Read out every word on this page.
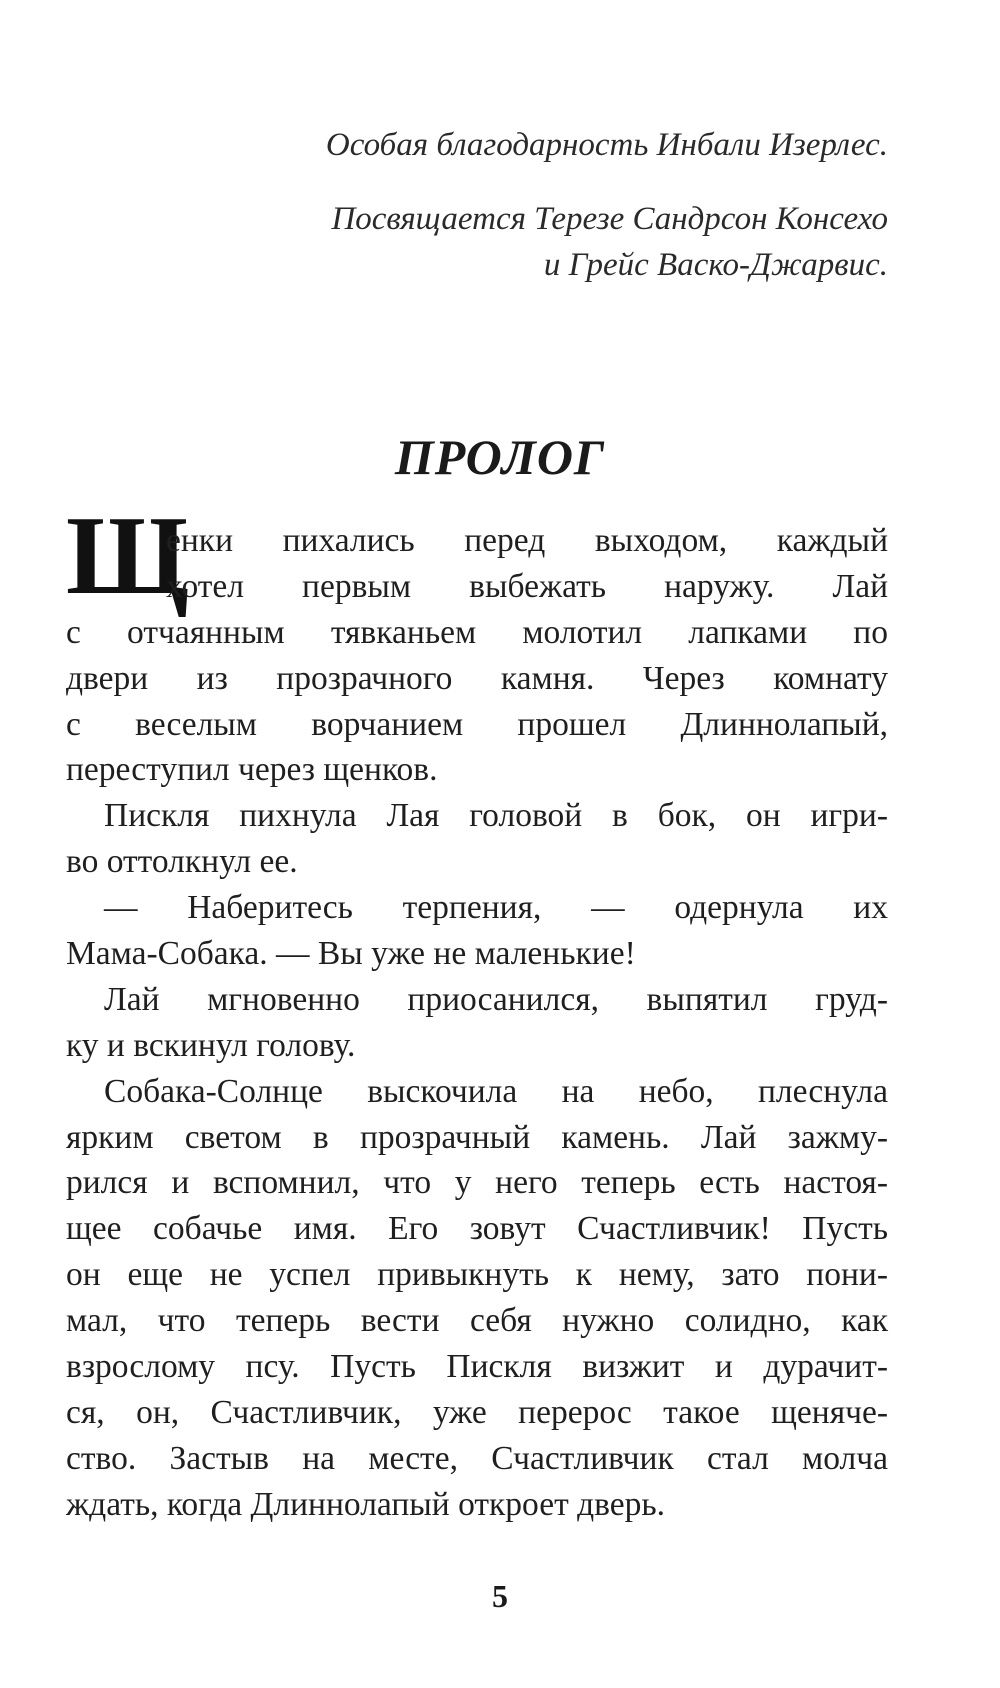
Особая благодарность Инбали Изерлес.

Посвящается Терезе Сандрсон Консехо

и Грейс Васко-Джарвис.

ПРОЛОГ
Щ
енки пихались перед выходом, каждый
хотел первым выбежать наружу. Лай
с отчаянным тявканьем молотил лапками по
двери из прозрачного камня. Через комнату
с веселым ворчанием прошел Длиннолапый,
переступил через щенков.
Пискля пихнула Лая головой в бок, он игри-
во оттолкнул ее.
— Наберитесь терпения, — одернула их
Мама-Собака. — Вы уже не маленькие!
Лай мгновенно приосанился, выпятил груд-
ку и вскинул голову.
Собака-Солнце выскочила на небо, плеснула
ярким светом в прозрачный камень. Лай зажму-
рился и вспомнил, что у него теперь есть настоя-
щее собачье имя. Его зовут Счастливчик! Пусть
он еще не успел привыкнуть к нему, зато пони-
мал, что теперь вести себя нужно солидно, как
взрослому псу. Пусть Пискля визжит и дурачит-
ся, он, Счастливчик, уже перерос такое щеняче-
ство. Застыв на месте, Счастливчик стал молча
ждать, когда Длиннолапый откроет дверь.
5
